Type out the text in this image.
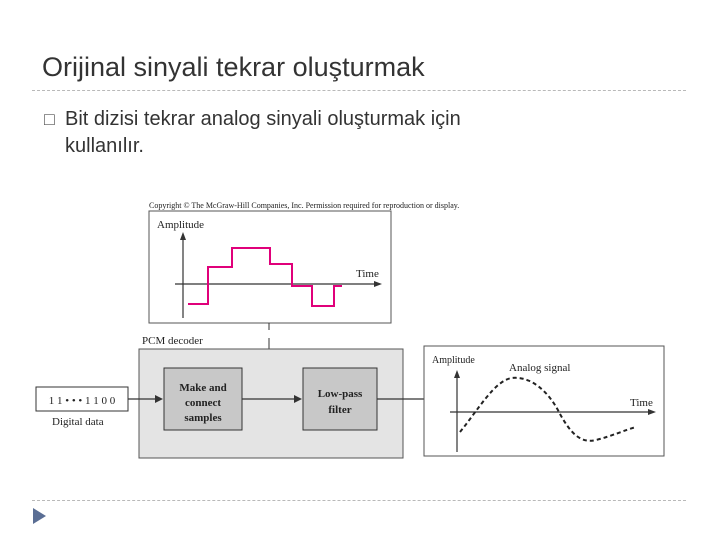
Orijinal sinyali tekrar oluşturmak
□ Bit dizisi tekrar analog sinyali oluşturmak için
kullanılır.
Copyright © The McGraw-Hill Companies, Inc. Permission required for reproduction or display.
Amplitude
Time
PCM decoder
Make and
connect
samples
Low-pass
filter
1 1 • • • 1 1 0 0
Digital data
Amplitude
Analog signal
Time
